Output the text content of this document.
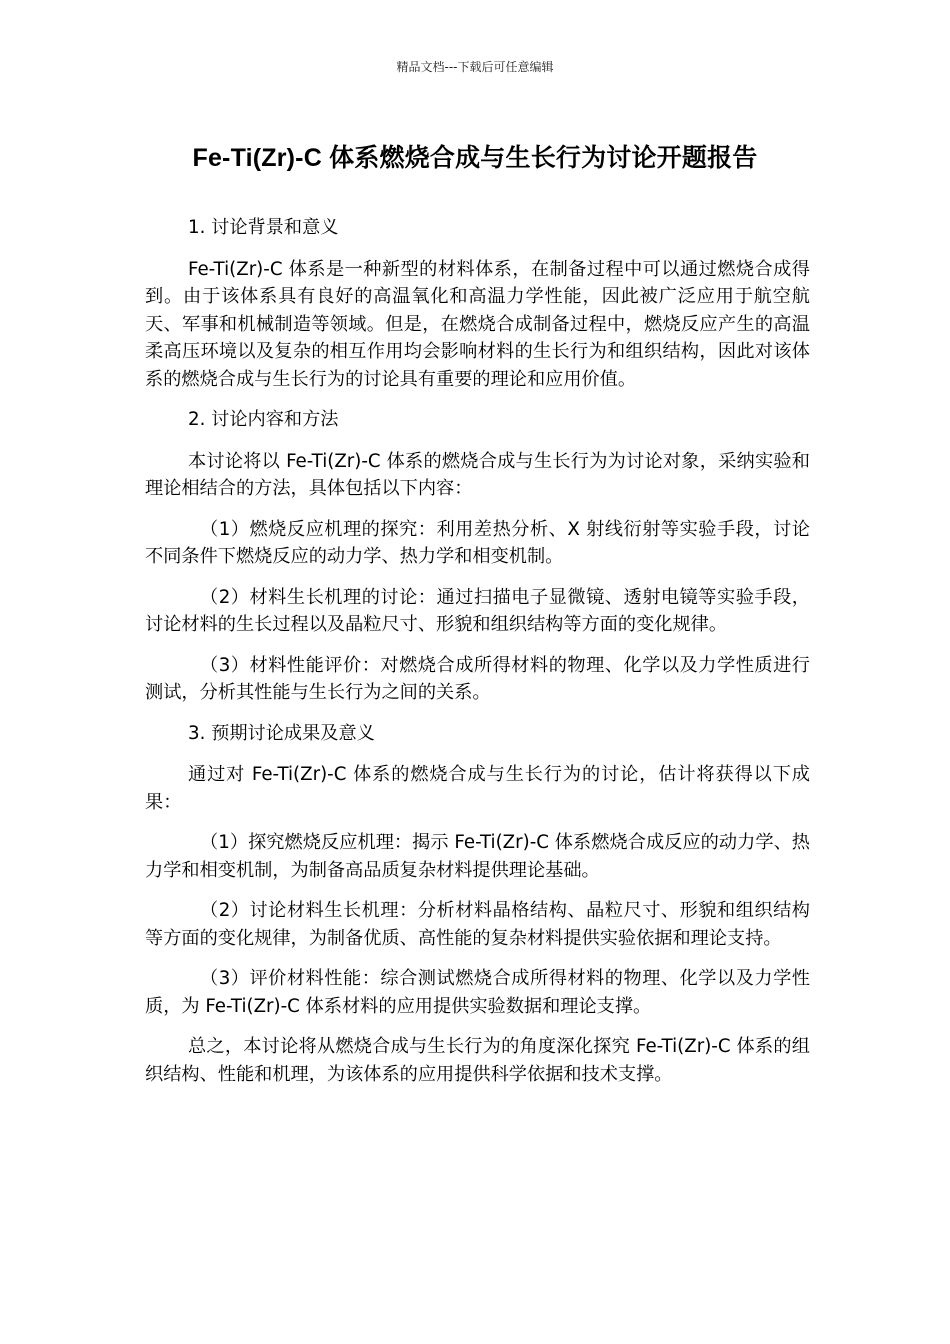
精品文档---下载后可任意编辑
Fe-Ti(Zr)-C 体系燃烧合成与生长行为讨论开题报告

1. 讨论背景和意义

Fe-Ti(Zr)-C 体系是一种新型的材料体系，在制备过程中可以通过燃烧合成得到。由于该体系具有良好的高温氧化和高温力学性能，因此被广泛应用于航空航天、军事和机械制造等领域。但是，在燃烧合成制备过程中，燃烧反应产生的高温柔高压环境以及复杂的相互作用均会影响材料的生长行为和组织结构，因此对该体系的燃烧合成与生长行为的讨论具有重要的理论和应用价值。

2. 讨论内容和方法

本讨论将以 Fe-Ti(Zr)-C 体系的燃烧合成与生长行为为讨论对象，采纳实验和理论相结合的方法，具体包括以下内容：

（1）燃烧反应机理的探究：利用差热分析、X 射线衍射等实验手段，讨论不同条件下燃烧反应的动力学、热力学和相变机制。

（2）材料生长机理的讨论：通过扫描电子显微镜、透射电镜等实验手段，讨论材料的生长过程以及晶粒尺寸、形貌和组织结构等方面的变化规律。

（3）材料性能评价：对燃烧合成所得材料的物理、化学以及力学性质进行测试，分析其性能与生长行为之间的关系。

3. 预期讨论成果及意义

通过对 Fe-Ti(Zr)-C 体系的燃烧合成与生长行为的讨论，估计将获得以下成果：

（1）探究燃烧反应机理：揭示 Fe-Ti(Zr)-C 体系燃烧合成反应的动力学、热力学和相变机制，为制备高品质复杂材料提供理论基础。

（2）讨论材料生长机理：分析材料晶格结构、晶粒尺寸、形貌和组织结构等方面的变化规律，为制备优质、高性能的复杂材料提供实验依据和理论支持。

（3）评价材料性能：综合测试燃烧合成所得材料的物理、化学以及力学性质，为 Fe-Ti(Zr)-C 体系材料的应用提供实验数据和理论支撑。

总之，本讨论将从燃烧合成与生长行为的角度深化探究 Fe-Ti(Zr)-C 体系的组织结构、性能和机理，为该体系的应用提供科学依据和技术支撑。
